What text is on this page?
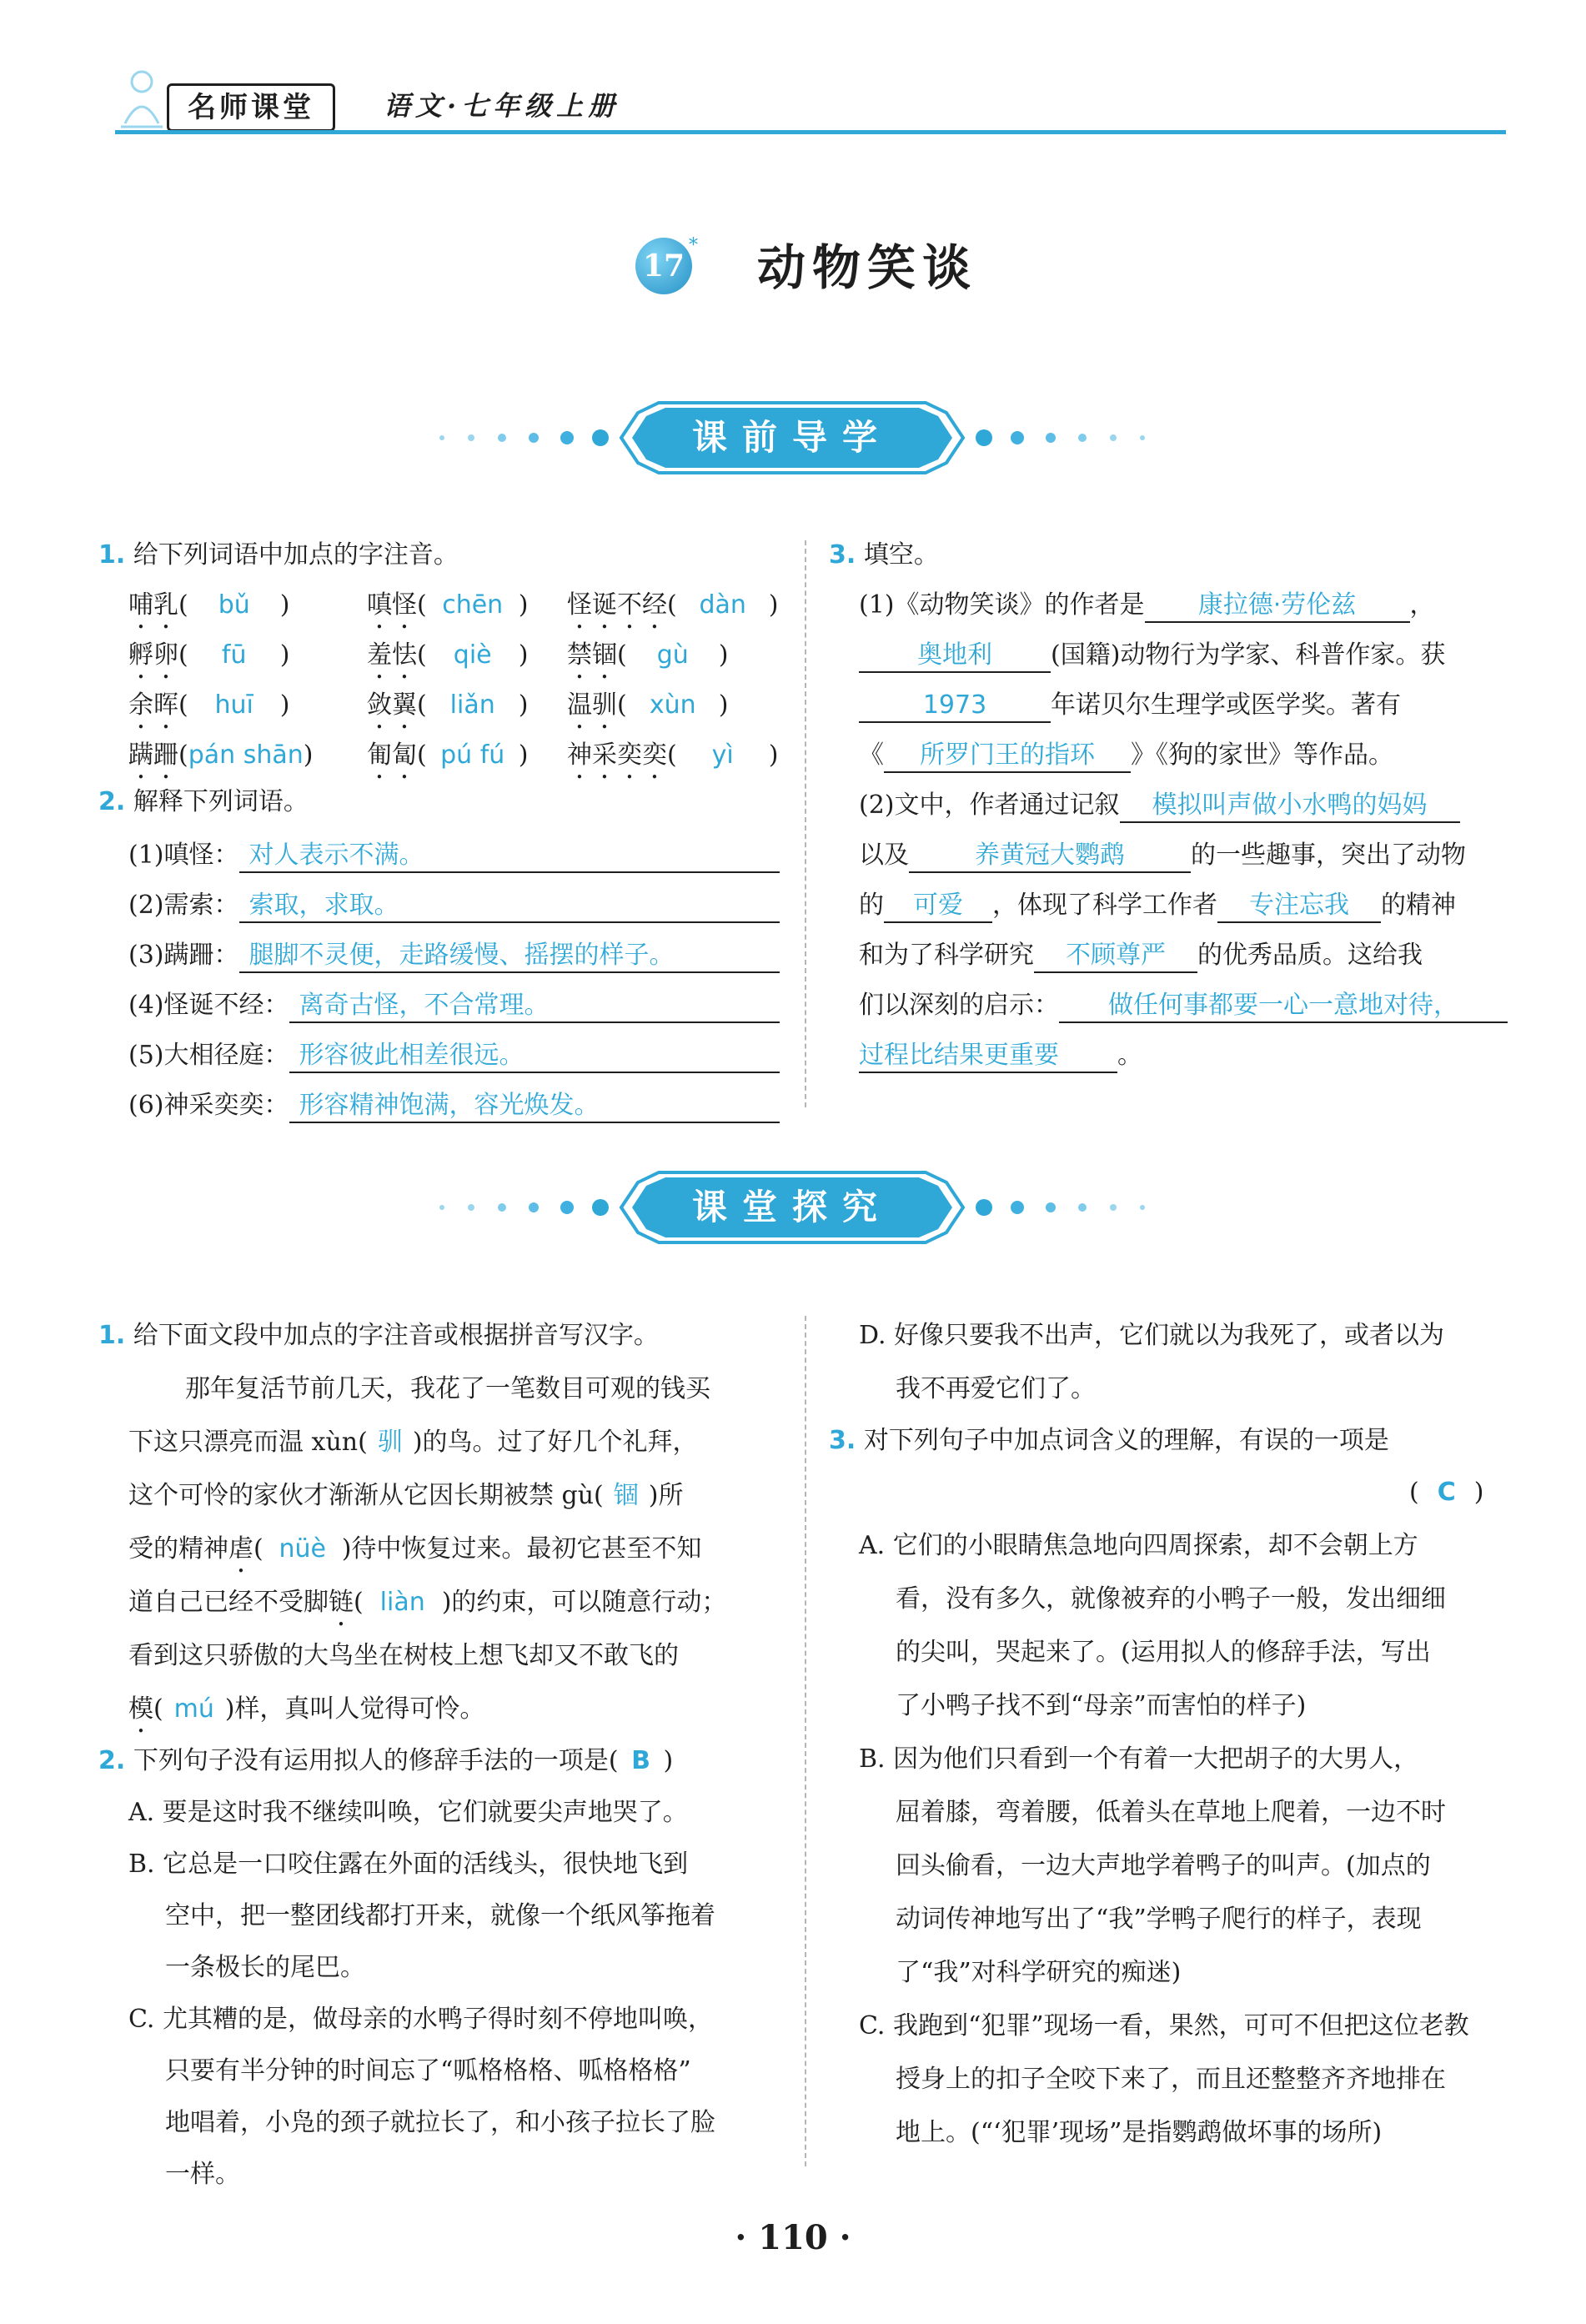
名师课堂	语文·七年级上册
17
* 动物笑谈
课前导学
1. 给下列词语中加点的字注音。
哺乳( bǔ )	嗔怪( chēn ) 怪诞不经( dàn )
孵卵( fū )	羞怯( qiè ) 禁锢( gù )
余晖( huī )	敛翼( liǎn ) 温驯( xùn )
蹒跚(pán shān) 匍匐( pú fú ) 神采奕奕( yì )
2. 解释下列词语。
(1)嗔怪： 对人表示不满。
(2)需索： 索取，求取。
(3)蹒跚： 腿脚不灵便，走路缓慢、摇摆的样子。
(4)怪诞不经： 离奇古怪，不合常理。
(5)大相径庭： 形容彼此相差很远。
(6)神采奕奕： 形容精神饱满，容光焕发。
3. 填空。
(1)《动物笑谈》的作者是 康拉德·劳伦兹 ，
奥地利 (国籍)动物行为学家、科普作家。获
1973	年诺贝尔生理学或医学奖。著有
《 所罗门王的指环 》《狗的家世》等作品。
(2)文中，作者通过记叙 模拟叫声做小水鸭的妈妈
以及	养黄冠大鹦鹉	的一些趣事，突出了动物
的 可爱 ，体现了科学工作者 专注忘我 的精神
和为了科学研究 不顾尊严 的优秀品质。这给我
们以深刻的启示： 做任何事都要一心一意地对待，
过程比结果更重要 。
课堂探究
1. 给下面文段中加点的字注音或根据拼音写汉字。
那年复活节前几天，我花了一笔数目可观的钱买
下这只漂亮而温 xùn( 驯 )的鸟。过了好几个礼拜，
这个可怜的家伙才渐渐从它因长期被禁 gù( 锢 )所
受的精神虐( nüè )待中恢复过来。最初它甚至不知
道自己已经不受脚链( liàn )的约束，可以随意行动；
看到这只骄傲的大鸟坐在树枝上想飞却又不敢飞的
模( mú )样，真叫人觉得可怜。
2. 下列句子没有运用拟人的修辞手法的一项是( B )
A. 要是这时我不继续叫唤，它们就要尖声地哭了。
B. 它总是一口咬住露在外面的活线头，很快地飞到
空中，把一整团线都打开来，就像一个纸风筝拖着
一条极长的尾巴。
C. 尤其糟的是，做母亲的水鸭子得时刻不停地叫唤，
只要有半分钟的时间忘了“呱格格格、呱格格格”
地唱着，小凫的颈子就拉长了，和小孩子拉长了脸
一样。
D. 好像只要我不出声，它们就以为我死了，或者以为
我不再爱它们了。
3. 对下列句子中加点词含义的理解，有误的一项是
( C )
A. 它们的小眼睛焦急地向四周探索，却不会朝上方
看，没有多久，就像被弃的小鸭子一般，发出细细
的尖叫，哭起来了。(运用拟人的修辞手法，写出
了小鸭子找不到“母亲”而害怕的样子)
B. 因为他们只看到一个有着一大把胡子的大男人，
屈着膝，弯着腰，低着头在草地上爬着，一边不时
回头偷看，一边大声地学着鸭子的叫声。(加点的
动词传神地写出了“我”学鸭子爬行的样子，表现
了“我”对科学研究的痴迷)
C. 我跑到“犯罪”现场一看，果然，可可不但把这位老教
授身上的扣子全咬下来了，而且还整整齐齐地排在
地上。(“‘犯罪’现场”是指鹦鹉做坏事的场所)
· 110 ·
